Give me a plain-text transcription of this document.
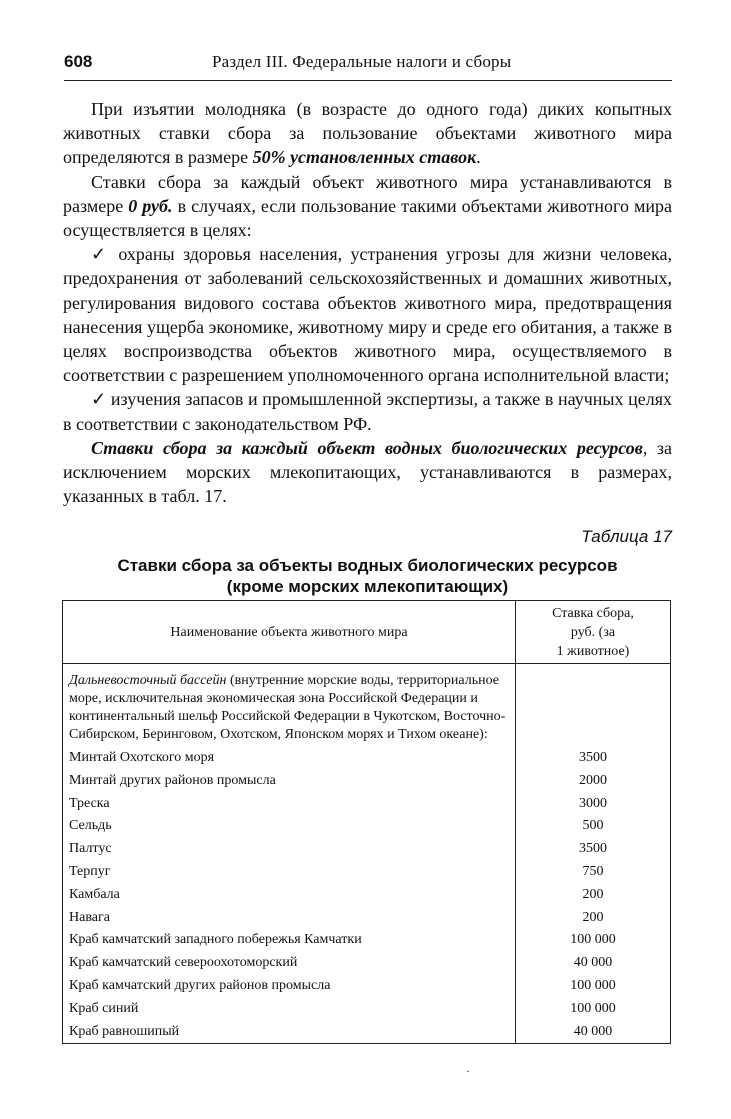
608	Раздел III. Федеральные налоги и сборы

При изъятии молодняка (в возрасте до одного года) диких копытных животных ставки сбора за пользование объектами животного мира определяются в размере 50% установленных ставок.

Ставки сбора за каждый объект животного мира устанавливаются в размере 0 руб. в случаях, если пользование такими объектами животного мира осуществляется в целях:

✓ охраны здоровья населения, устранения угрозы для жизни человека, предохранения от заболеваний сельскохозяйственных и домашних животных, регулирования видового состава объектов животного мира, предотвращения нанесения ущерба экономике, животному миру и среде его обитания, а также в целях воспроизводства объектов животного мира, осуществляемого в соответствии с разрешением уполномоченного органа исполнительной власти;

✓ изучения запасов и промышленной экспертизы, а также в научных целях в соответствии с законодательством РФ.

Ставки сбора за каждый объект водных биологических ресурсов, за исключением морских млекопитающих, устанавливаются в размерах, указанных в табл. 17.

Таблица 17
Ставки сбора за объекты водных биологических ресурсов
(кроме морских млекопитающих)
Наименование объекта животного мира	Ставка сбора,
руб. (за
1 животное)

Дальневосточный бассейн (внутренние морские воды, территориальное море, исключительная экономическая зона Российской Федерации и континентальный шельф Российской Федерации в Чукотском, Восточно-Сибирском, Беринговом, Охотском, Японском морях и Тихом океане):	
Минтай Охотского моря	3500
Минтай других районов промысла	2000
Треска	3000
Сельдь	500
Палтус	3500
Терпуг	750
Камбала	200
Навага	200
Краб камчатский западного побережья Камчатки	100 000
Краб камчатский североохотоморский	40 000
Краб камчатский других районов промысла	100 000
Краб синий	100 000
Краб равношипый	40 000
·
